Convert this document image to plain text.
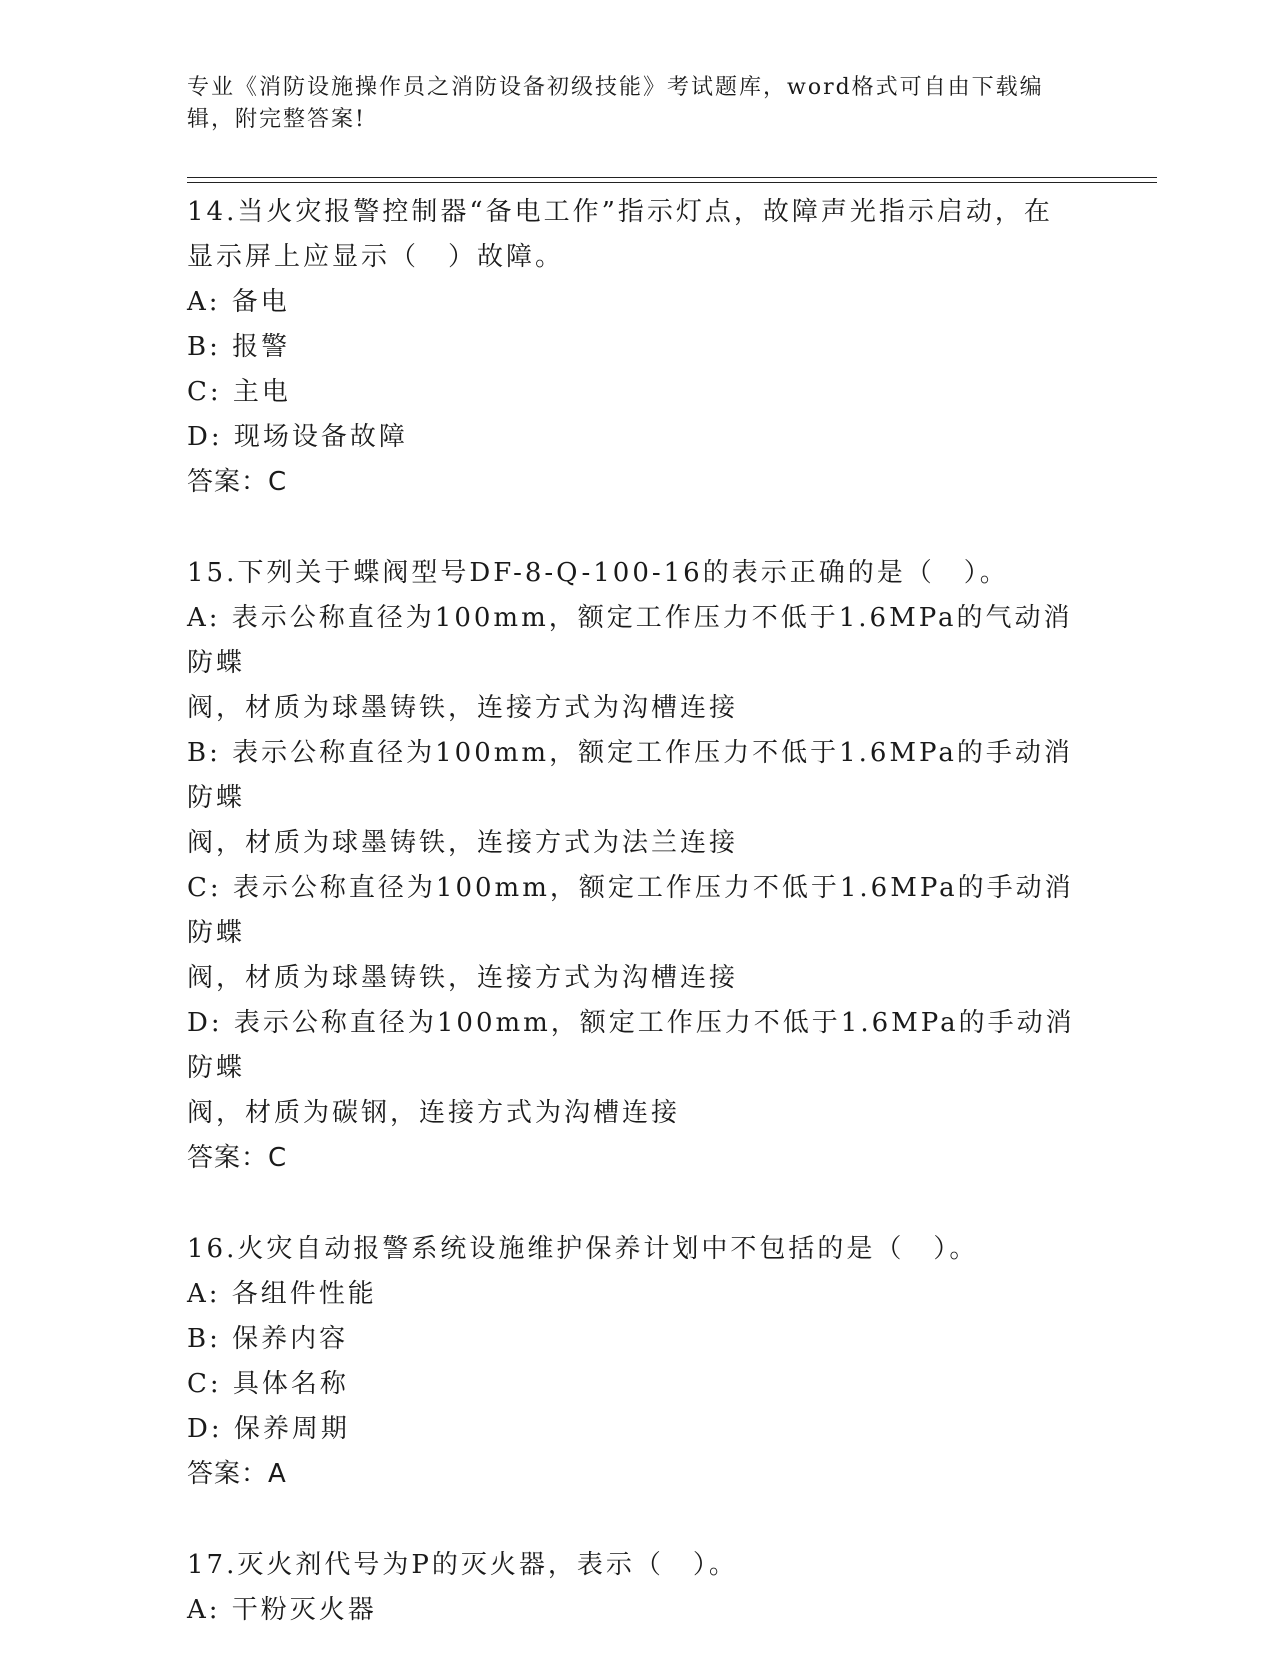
专业《消防设施操作员之消防设备初级技能》考试题库，word格式可自由下载编
辑，附完整答案!
14.当火灾报警控制器“备电工作”指示灯点，故障声光指示启动，在
显示屏上应显示（　）故障。
A: 备电
B: 报警
C: 主电
D: 现场设备故障
答案：C
15.下列关于蝶阀型号DF-8-Q-100-16的表示正确的是（　）。
A: 表示公称直径为100mm，额定工作压力不低于1.6MPa的气动消防蝶
阀，材质为球墨铸铁，连接方式为沟槽连接
B: 表示公称直径为100mm，额定工作压力不低于1.6MPa的手动消防蝶
阀，材质为球墨铸铁，连接方式为法兰连接
C: 表示公称直径为100mm，额定工作压力不低于1.6MPa的手动消防蝶
阀，材质为球墨铸铁，连接方式为沟槽连接
D: 表示公称直径为100mm，额定工作压力不低于1.6MPa的手动消防蝶
阀，材质为碳钢，连接方式为沟槽连接
答案：C
16.火灾自动报警系统设施维护保养计划中不包括的是（　）。
A: 各组件性能
B: 保养内容
C: 具体名称
D: 保养周期
答案：A
17.灭火剂代号为P的灭火器，表示（　）。
A: 干粉灭火器
